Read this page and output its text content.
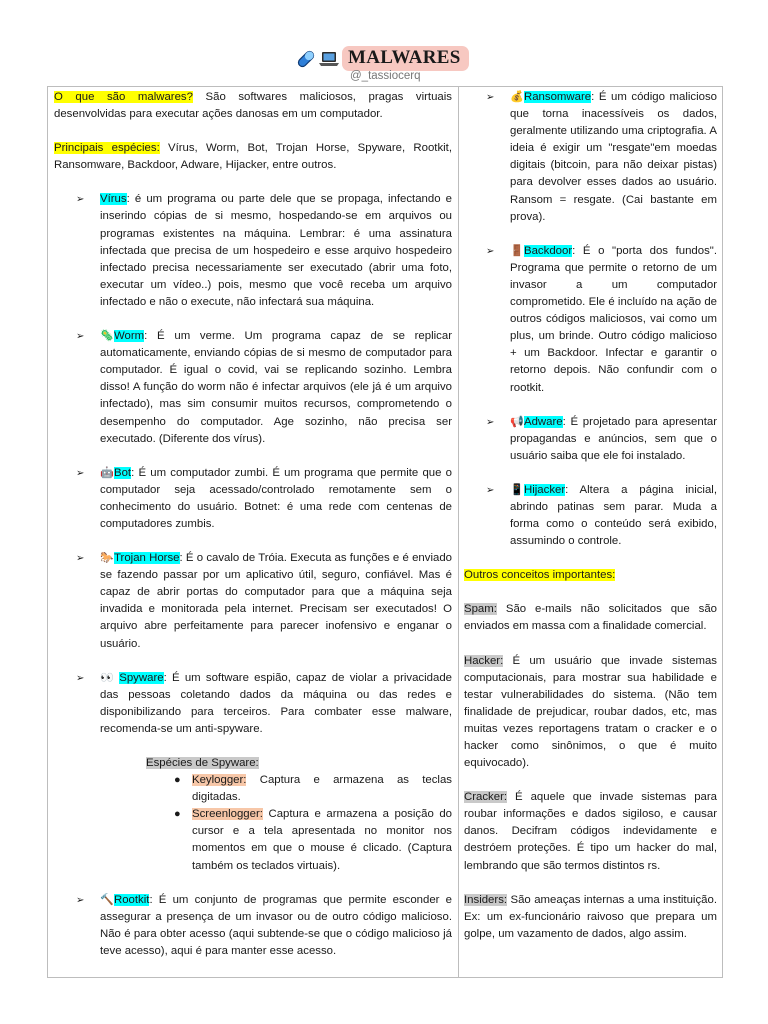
MALWARES
@_tassiocerq

O que são malwares? São softwares maliciosos, pragas virtuais desenvolvidas para executar ações danosas em um computador.

Principais espécies: Vírus, Worm, Bot, Trojan Horse, Spyware, Rootkit, Ransomware, Backdoor, Adware, Hijacker, entre outros.

➢ Vírus: é um programa ou parte dele que se propaga, infectando e inserindo cópias de si mesmo, hospedando-se em arquivos ou programas existentes na máquina. Lembrar: é uma assinatura infectada que precisa de um hospedeiro e esse arquivo hospedeiro infectado precisa necessariamente ser executado (abrir uma foto, executar um vídeo..) pois, mesmo que você receba um arquivo infectado e não o execute, não infectará sua máquina.
➢ 🦠Worm: É um verme. Um programa capaz de se replicar automaticamente, enviando cópias de si mesmo de computador para computador. É igual o covid, vai se replicando sozinho. Lembra disso! A função do worm não é infectar arquivos (ele já é um arquivo infectado), mas sim consumir muitos recursos, comprometendo o desempenho do computador. Age sozinho, não precisa ser executado. (Diferente dos vírus).
➢ 🤖Bot: É um computador zumbi. É um programa que permite que o computador seja acessado/controlado remotamente sem o conhecimento do usuário. Botnet: é uma rede com centenas de computadores zumbis.
➢ 🐎Trojan Horse: É o cavalo de Tróia. Executa as funções e é enviado se fazendo passar por um aplicativo útil, seguro, confiável. Mas é capaz de abrir portas do computador para que a máquina seja invadida e monitorada pela internet. Precisam ser executados! O arquivo abre perfeitamente para parecer inofensivo e enganar o usuário.
➢ 👀 Spyware: É um software espião, capaz de violar a privacidade das pessoas coletando dados da máquina ou das redes e disponibilizando para terceiros. Para combater esse malware, recomenda-se um anti-spyware.

Espécies de Spyware:

● Keylogger: Captura e armazena as teclas digitadas.
● Screenlogger: Captura e armazena a posição do cursor e a tela apresentada no monitor nos momentos em que o mouse é clicado. (Captura também os teclados virtuais).
➢ 🔨Rootkit: É um conjunto de programas que permite esconder e assegurar a presença de um invasor ou de outro código malicioso. Não é para obter acesso (aqui subtende-se que o código malicioso já teve acesso), aqui é para manter esse acesso.
➢ 💰Ransomware: É um código malicioso que torna inacessíveis os dados, geralmente utilizando uma criptografia. A ideia é exigir um "resgate"em moedas digitais (bitcoin, para não deixar pistas) para devolver esses dados ao usuário. Ransom = resgate. (Cai bastante em prova).
➢ 🚪Backdoor: É o "porta dos fundos". Programa que permite o retorno de um invasor a um computador comprometido. Ele é incluído na ação de outros códigos maliciosos, vai como um plus, um brinde. Outro código malicioso + um Backdoor. Infectar e garantir o retorno depois. Não confundir com o rootkit.
➢ 📢Adware: É projetado para apresentar propagandas e anúncios, sem que o usuário saiba que ele foi instalado.
➢ 📱Hijacker: Altera a página inicial, abrindo patinas sem parar. Muda a forma como o conteúdo será exibido, assumindo o controle.

Outros conceitos importantes:

Spam: São e-mails não solicitados que são enviados em massa com a finalidade comercial.

Hacker: É um usuário que invade sistemas computacionais, para mostrar sua habilidade e testar vulnerabilidades do sistema. (Não tem finalidade de prejudicar, roubar dados, etc, mas muitas vezes reportagens tratam o cracker e o hacker como sinônimos, o que é muito equivocado).

Cracker: É aquele que invade sistemas para roubar informações e dados sigiloso, e causar danos. Decifram códigos indevidamente e destróem proteções. É tipo um hacker do mal, lembrando que são termos distintos rs.

Insiders: São ameaças internas a uma instituição. Ex: um ex-funcionário raivoso que prepara um golpe, um vazamento de dados, algo assim.
